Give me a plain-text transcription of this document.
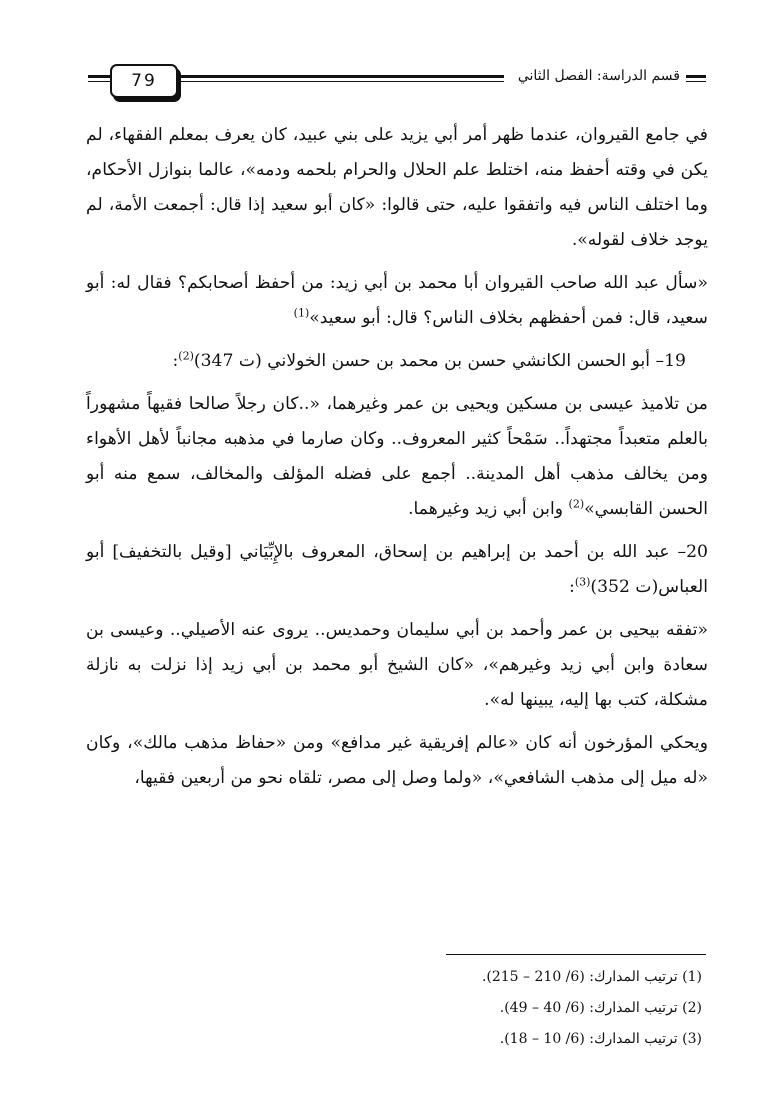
79	قسم الدراسة: الفصل الثاني

في جامع القيروان، عندما ظهر أمر أبي يزيد على بني عبيد، كان يعرف بمعلم الفقهاء، لم يكن في وقته أحفظ منه، اختلط علم الحلال والحرام بلحمه ودمه»، عالما بنوازل الأحكام، وما اختلف الناس فيه واتفقوا عليه، حتى قالوا: «كان أبو سعيد إذا قال: أجمعت الأمة، لم يوجد خلاف لقوله».

«سأل عبد الله صاحب القيروان أبا محمد بن أبي زيد: من أحفظ أصحابكم؟ فقال له: أبو سعيد، قال: فمن أحفظهم بخلاف الناس؟ قال: أبو سعيد»$^{(1)}$

19– أبو الحسن الكانشي حسن بن محمد بن حسن الخولاني (ت 347)$^{(2)}$:

من تلاميذ عيسى بن مسكين ويحيى بن عمر وغيرهما، «..كان رجلاً صالحا فقيهاً مشهوراً بالعلم متعبداً مجتهداً.. سَمْحاً كثير المعروف.. وكان صارما في مذهبه مجانباً لأهل الأهواء ومن يخالف مذهب أهل المدينة.. أجمع على فضله المؤلف والمخالف، سمع منه أبو الحسن القابسي»$^{(2)}$ وابن أبي زيد وغيرهما.

20– عبد الله بن أحمد بن إبراهيم بن إسحاق، المعروف بالإِبِّيَاني [وقيل بالتخفيف] أبو العباس(ت 352)$^{(3)}$:

«تفقه بيحيى بن عمر وأحمد بن أبي سليمان وحمديس.. يروى عنه الأصيلي.. وعيسى بن سعادة وابن أبي زيد وغيرهم»، «كان الشيخ أبو محمد بن أبي زيد إذا نزلت به نازلة مشكلة، كتب بها إليه، يبينها له».

ويحكي المؤرخون أنه كان «عالم إفريقية غير مدافع» ومن «حفاظ مذهب مالك»، وكان «له ميل إلى مذهب الشافعي»، «ولما وصل إلى مصر، تلقاه نحو من أربعين فقيها،

(1) ترتيب المدارك: (6/ 210 – 215).

(2) ترتيب المدارك: (6/ 40 – 49).

(3) ترتيب المدارك: (6/ 10 – 18).
